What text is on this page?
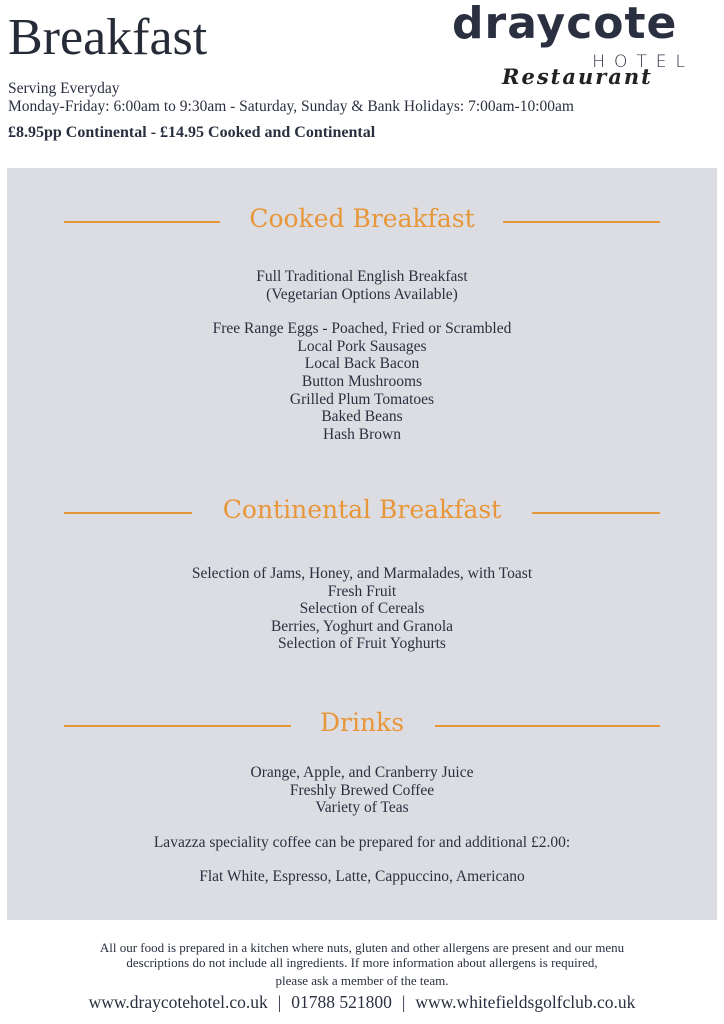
Breakfast	draycote
HOTEL
Restaurant
Serving Everyday
Monday-Friday: 6:00am to 9:30am - Saturday, Sunday & Bank Holidays: 7:00am-10:00am
£8.95pp Continental - £14.95 Cooked and Continental
Cooked Breakfast
Full Traditional English Breakfast
(Vegetarian Options Available)
Free Range Eggs - Poached, Fried or Scrambled
Local Pork Sausages
Local Back Bacon
Button Mushrooms
Grilled Plum Tomatoes
Baked Beans
Hash Brown
Continental Breakfast
Selection of Jams, Honey, and Marmalades, with Toast
Fresh Fruit
Selection of Cereals
Berries, Yoghurt and Granola
Selection of Fruit Yoghurts
Drinks
Orange, Apple, and Cranberry Juice
Freshly Brewed Coffee
Variety of Teas
Lavazza speciality coffee can be prepared for and additional £2.00:
Flat White, Espresso, Latte, Cappuccino, Americano
All our food is prepared in a kitchen where nuts, gluten and other allergens are present and our menu
descriptions do not include all ingredients. If more information about allergens is required,
please ask a member of the team.
www.draycotehotel.co.uk | 01788 521800 | www.whitefieldsgolfclub.co.uk
